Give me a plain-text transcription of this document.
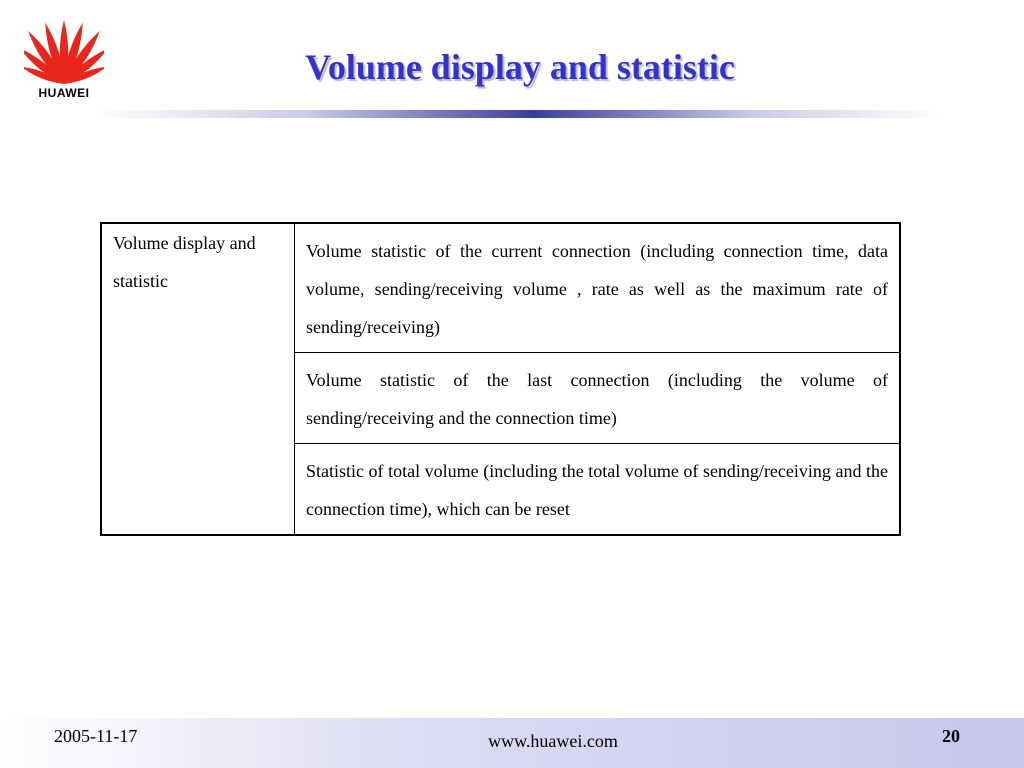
HUAWEI
Volume display and statistic
Volume display and statistic	Volume statistic of the current connection (including connection time, data volume, sending/receiving volume , rate as well as the maximum rate of sending/receiving)
Volume statistic of the last connection (including the volume of sending/receiving and the connection time)
Statistic of total volume (including the total volume of sending/receiving and the connection time), which can be reset
2005-11-17	www.huawei.com	20
